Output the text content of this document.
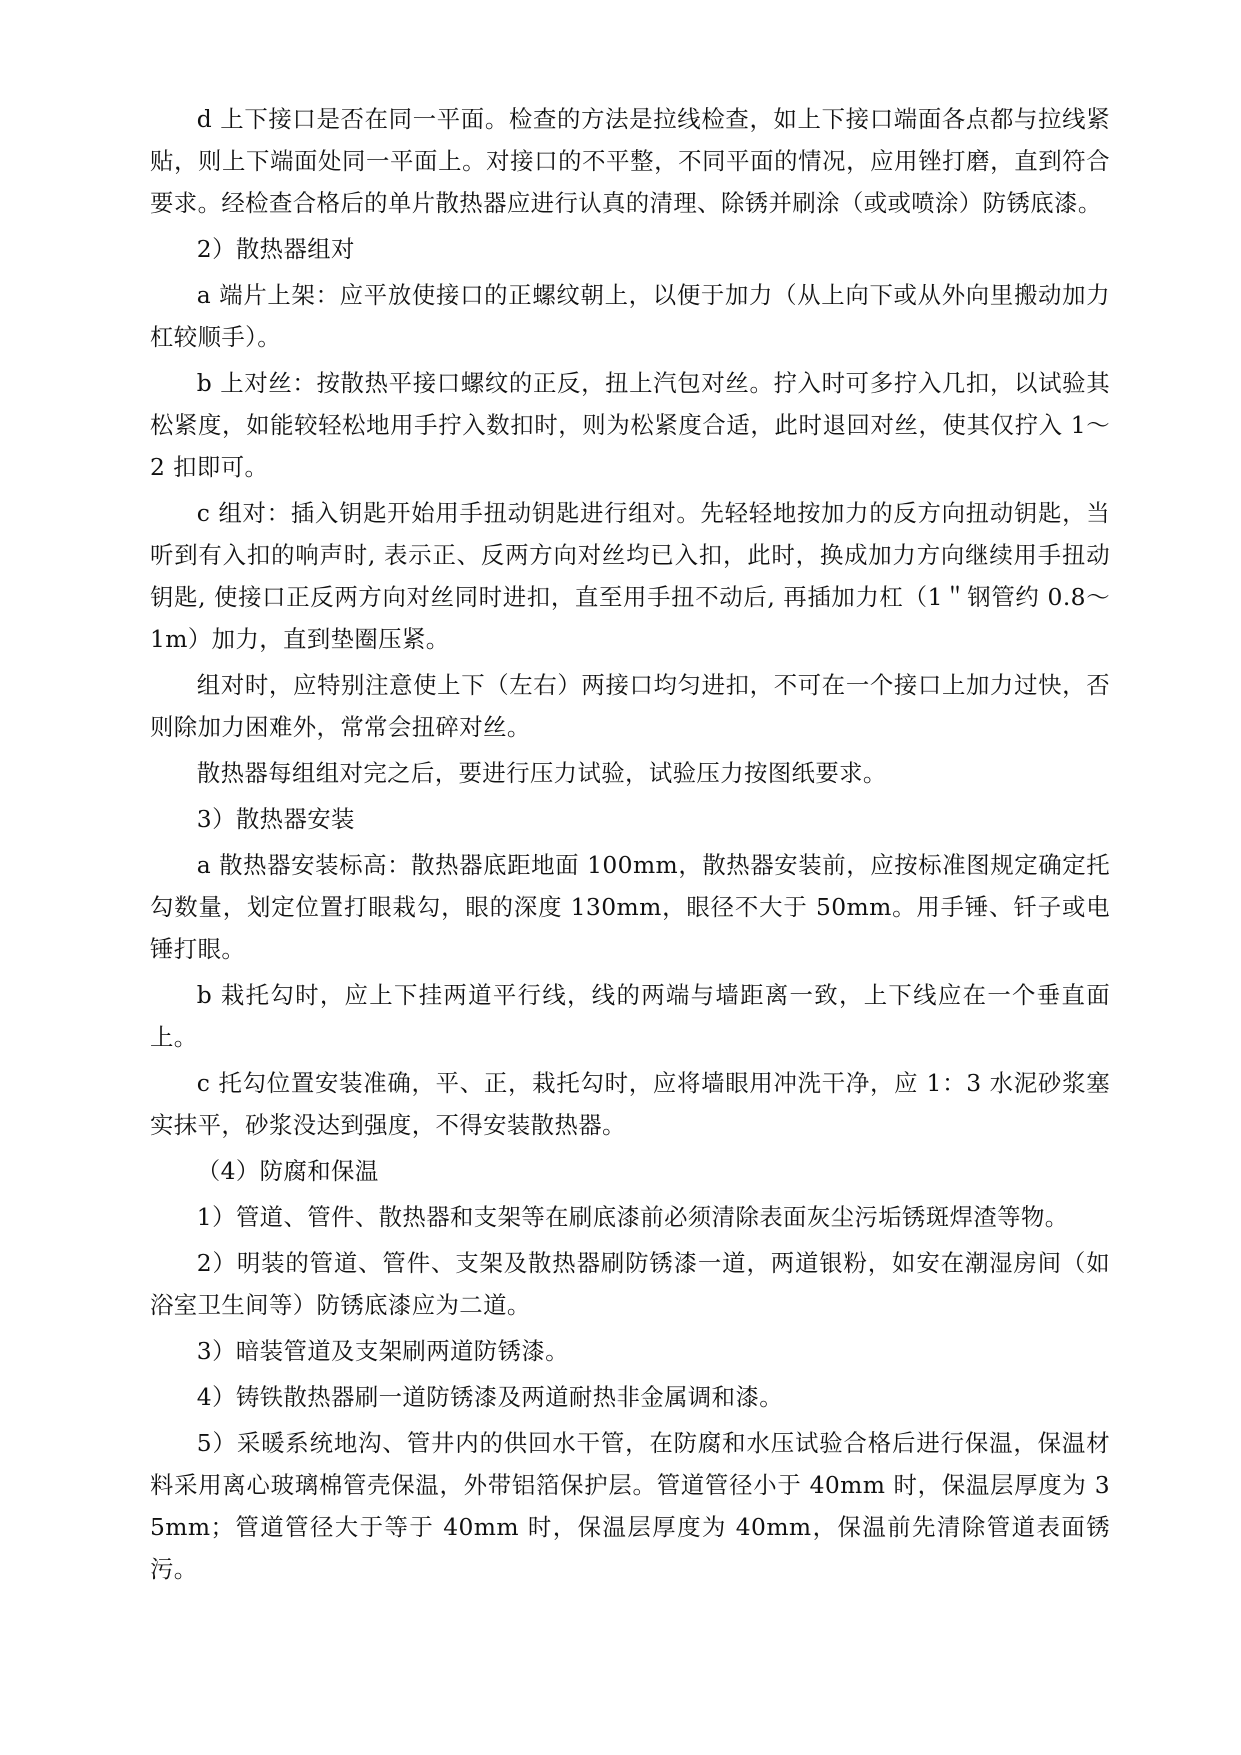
d 上下接口是否在同一平面。检查的方法是拉线检查，如上下接口端面各点都与拉线紧贴，则上下端面处同一平面上。对接口的不平整，不同平面的情况，应用锉打磨，直到符合要求。经检查合格后的单片散热器应进行认真的清理、除锈并刷涂（或或喷涂）防锈底漆。

2）散热器组对

a 端片上架：应平放使接口的正螺纹朝上，以便于加力（从上向下或从外向里搬动加力杠较顺手）。

b 上对丝：按散热平接口螺纹的正反，扭上汽包对丝。拧入时可多拧入几扣，以试验其松紧度，如能较轻松地用手拧入数扣时，则为松紧度合适，此时退回对丝，使其仅拧入 1～2 扣即可。

c 组对：插入钥匙开始用手扭动钥匙进行组对。先轻轻地按加力的反方向扭动钥匙，当听到有入扣的响声时, 表示正、反两方向对丝均已入扣，此时，换成加力方向继续用手扭动钥匙, 使接口正反两方向对丝同时进扣，直至用手扭不动后, 再插加力杠（1＂钢管约 0.8～1m）加力，直到垫圈压紧。

组对时，应特别注意使上下（左右）两接口均匀进扣，不可在一个接口上加力过快，否则除加力困难外，常常会扭碎对丝。

散热器每组组对完之后，要进行压力试验，试验压力按图纸要求。

3）散热器安装

a 散热器安装标高：散热器底距地面 100mm，散热器安装前，应按标准图规定确定托勾数量，划定位置打眼栽勾，眼的深度 130mm，眼径不大于 50mm。用手锤、钎子或电锤打眼。

b 栽托勾时，应上下挂两道平行线，线的两端与墙距离一致，上下线应在一个垂直面上。

c 托勾位置安装准确，平、正，栽托勾时，应将墙眼用冲洗干净，应 1：3 水泥砂浆塞实抹平，砂浆没达到强度，不得安装散热器。

（4）防腐和保温

1）管道、管件、散热器和支架等在刷底漆前必须清除表面灰尘污垢锈斑焊渣等物。

2）明装的管道、管件、支架及散热器刷防锈漆一道，两道银粉，如安在潮湿房间（如浴室卫生间等）防锈底漆应为二道。

3）暗装管道及支架刷两道防锈漆。

4）铸铁散热器刷一道防锈漆及两道耐热非金属调和漆。

5）采暖系统地沟、管井内的供回水干管，在防腐和水压试验合格后进行保温，保温材料采用离心玻璃棉管壳保温，外带铝箔保护层。管道管径小于 40mm 时，保温层厚度为 35mm；管道管径大于等于 40mm 时，保温层厚度为 40mm，保温前先清除管道表面锈污。
